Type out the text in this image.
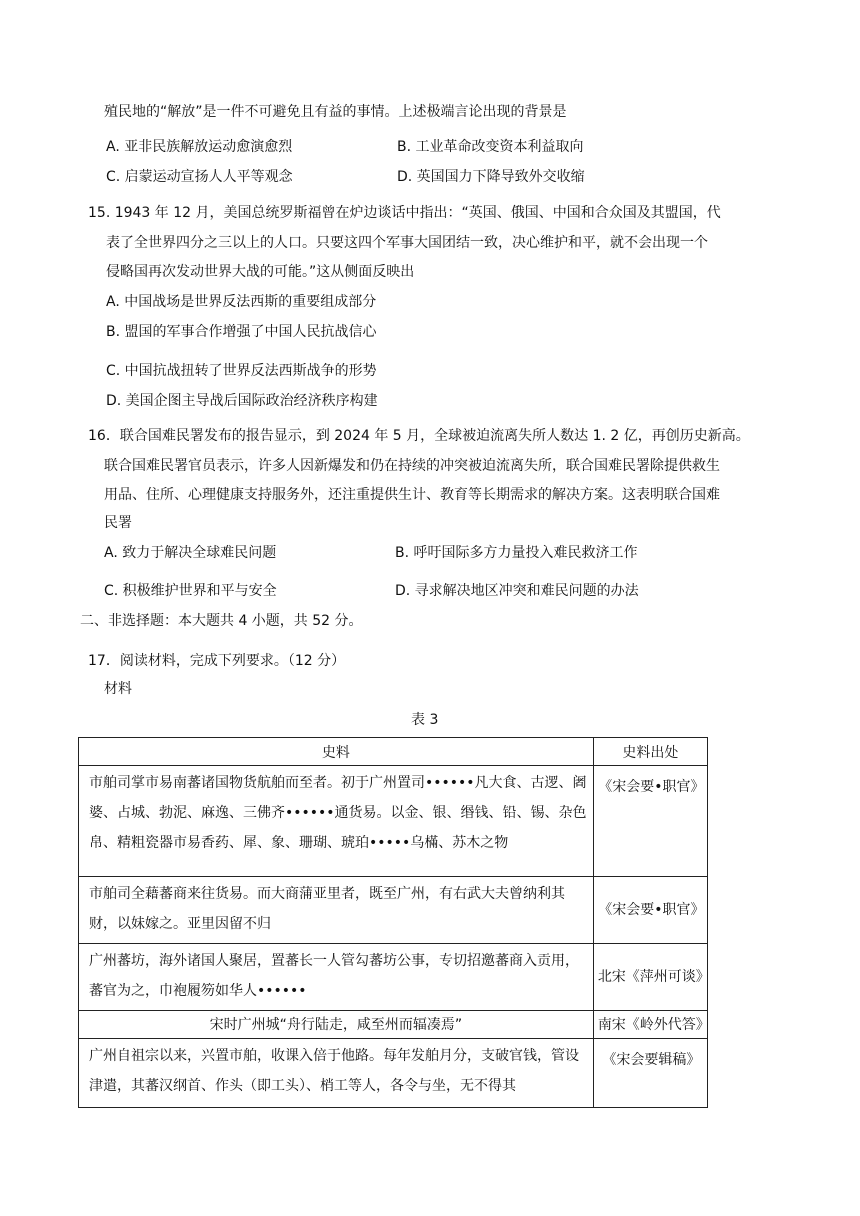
殖民地的“解放”是一件不可避免且有益的事情。上述极端言论出现的背景是
A. 亚非民族解放运动愈演愈烈	B. 工业革命改变资本利益取向
C. 启蒙运动宣扬人人平等观念	D. 英国国力下降导致外交收缩
15. 1943 年 12 月，美国总统罗斯福曾在炉边谈话中指出：“英国、俄国、中国和合众国及其盟国，代
表了全世界四分之三以上的人口。只要这四个军事大国团结一致，决心维护和平，就不会出现一个
侵略国再次发动世界大战的可能。”这从侧面反映出
A. 中国战场是世界反法西斯的重要组成部分
B. 盟国的军事合作增强了中国人民抗战信心
C. 中国抗战扭转了世界反法西斯战争的形势
D. 美国企图主导战后国际政治经济秩序构建
16．联合国难民署发布的报告显示，到 2024 年 5 月，全球被迫流离失所人数达 1. 2 亿，再创历史新高。
联合国难民署官员表示，许多人因新爆发和仍在持续的冲突被迫流离失所，联合国难民署除提供救生
用品、住所、心理健康支持服务外，还注重提供生计、教育等长期需求的解决方案。这表明联合国难
民署
A. 致力于解决全球难民问题	B. 呼吁国际多方力量投入难民救济工作
C. 积极维护世界和平与安全	D. 寻求解决地区冲突和难民问题的办法
二、非选择题：本大题共 4 小题，共 52 分。
17．阅读材料，完成下列要求。（12 分）
材料
表 3
史料	史料出处

市舶司掌市易南蕃诸国物货航舶而至者。初于广州置司••••••凡大食、古逻、阇婆、占城、勃泥、麻逸、三佛齐••••••通货易。以金、银、缗钱、铅、锡、杂色帛、精粗瓷器市易香药、犀、象、珊瑚、琥珀•••••乌樠、苏木之物	《宋会要•职官》

市舶司全藉蕃商来往货易。而大商蒲亚里者，既至广州，有右武大夫曾纳利其财，以妹嫁之。亚里因留不归	《宋会要•职官》

广州蕃坊，海外诸国人聚居，置蕃长一人管勾蕃坊公事，专切招邀蕃商入贡用，蕃官为之，巾袍履笏如华人••••••	北宋《萍州可谈》

宋时广州城“舟行陆走，咸至州而辐凑焉”	南宋《岭外代答》

广州自祖宗以来，兴置市舶，收课入倍于他路。每年发舶月分，支破官钱，管设津遣，其蕃汉纲首、作头（即工头）、梢工等人，各令与坐，无不得其	《宋会要辑稿》
